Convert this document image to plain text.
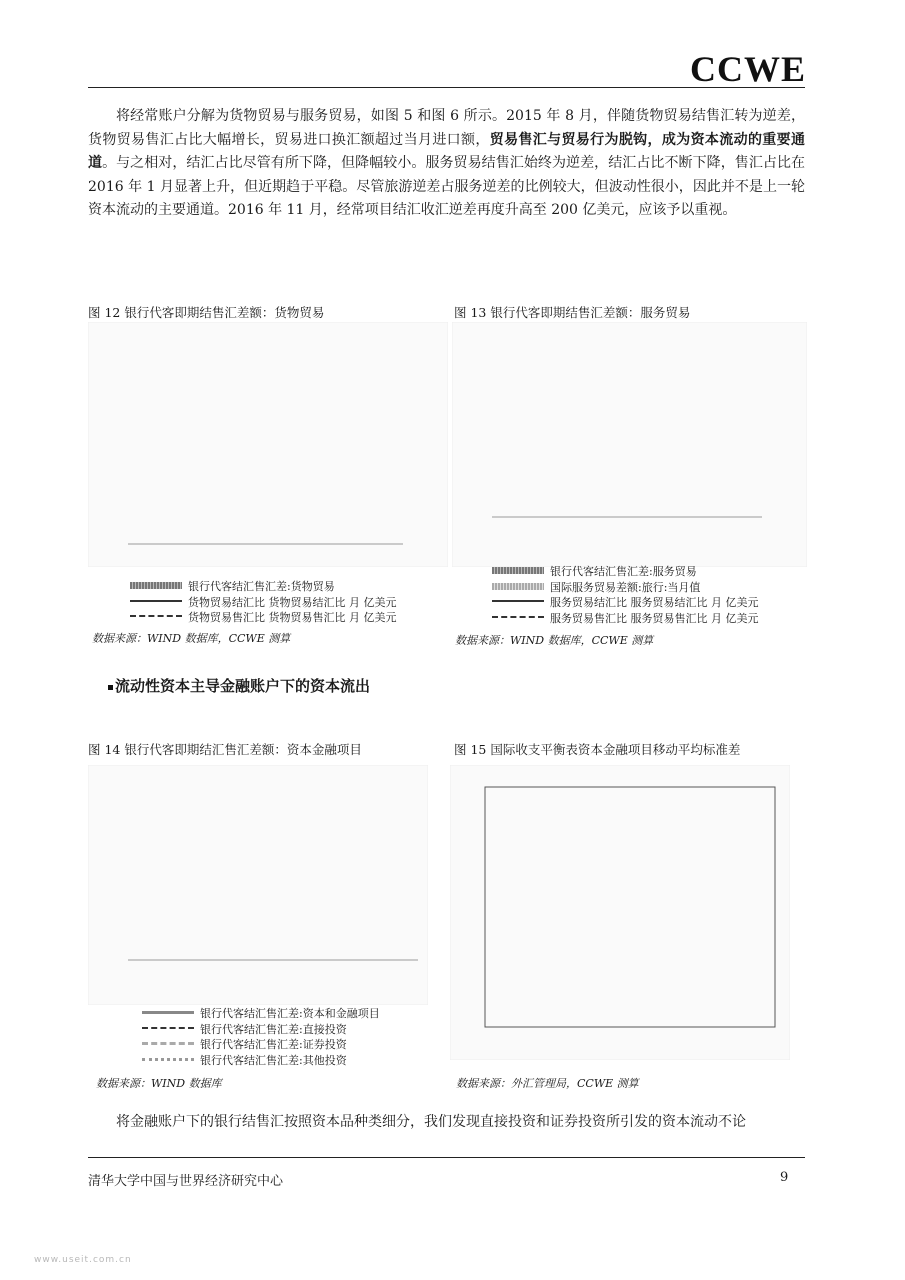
CCWE

将经常账户分解为货物贸易与服务贸易，如图 5 和图 6 所示。2015 年 8 月，伴随货物贸易结售汇转为逆差，货物贸易售汇占比大幅增长，贸易进口换汇额超过当月进口额，贸易售汇与贸易行为脱钩，成为资本流动的重要通道。与之相对，结汇占比尽管有所下降，但降幅较小。服务贸易结售汇始终为逆差，结汇占比不断下降，售汇占比在 2016 年 1 月显著上升，但近期趋于平稳。尽管旅游逆差占服务逆差的比例较大，但波动性很小，因此并不是上一轮资本流动的主要通道。2016 年 11 月，经常项目结汇收汇逆差再度升高至 200 亿美元，应该予以重视。

图 12 银行代客即期结售汇差额：货物贸易
银行代客结汇售汇差:货物贸易
货物贸易结汇比 货物贸易结汇比 月 亿美元
货物贸易售汇比 货物贸易售汇比 月 亿美元
数据来源：WIND 数据库，CCWE 测算
图 13 银行代客即期结售汇差额：服务贸易
银行代客结汇售汇差:服务贸易
国际服务贸易差额:旅行:当月值
服务贸易结汇比 服务贸易结汇比 月 亿美元
服务贸易售汇比 服务贸易售汇比 月 亿美元
数据来源：WIND 数据库，CCWE 测算
流动性资本主导金融账户下的资本流出
图 14 银行代客即期结汇售汇差额：资本金融项目
银行代客结汇售汇差:资本和金融项目
银行代客结汇售汇差:直接投资
银行代客结汇售汇差:证券投资
银行代客结汇售汇差:其他投资
数据来源：WIND 数据库
图 15 国际收支平衡表资本金融项目移动平均标准差
数据来源：外汇管理局，CCWE 测算

将金融账户下的银行结售汇按照资本品种类细分，我们发现直接投资和证券投资所引发的资本流动不论

清华大学中国与世界经济研究中心	9
www.useit.com.cn
